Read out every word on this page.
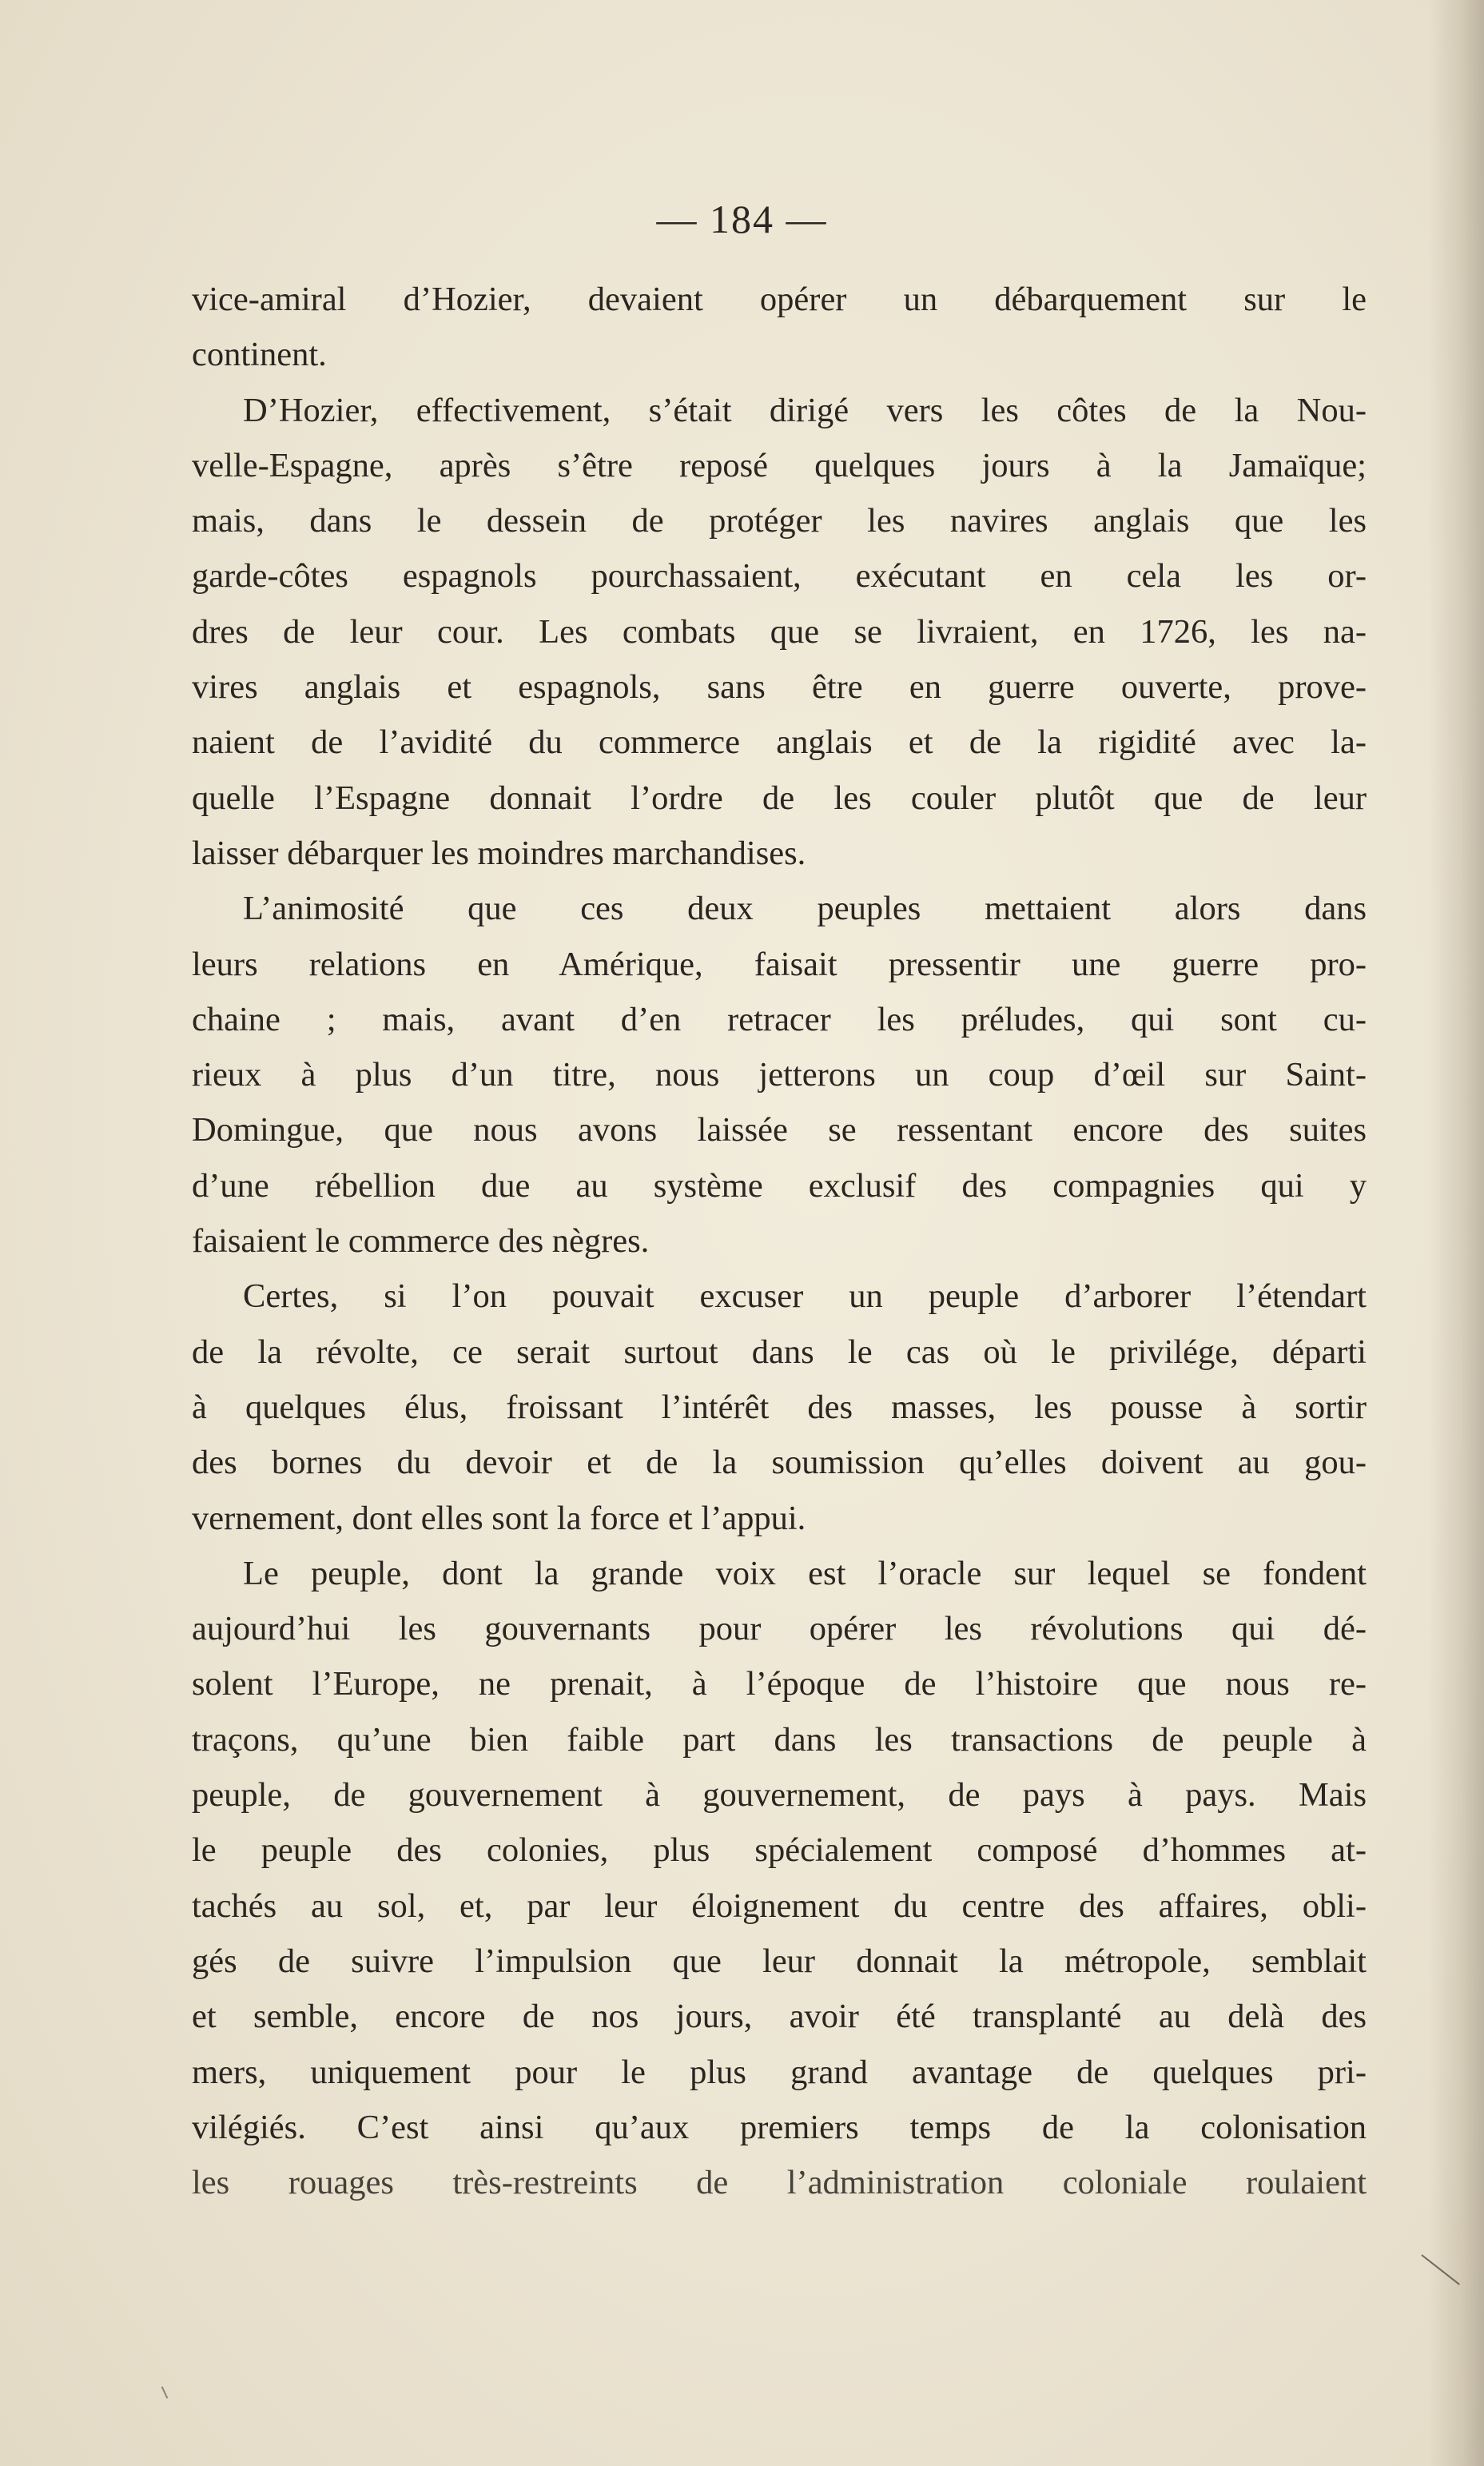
— 184 —
vice-amiral d’Hozier, devaient opérer un débarquement sur le
continent.
D’Hozier, effectivement, s’était dirigé vers les côtes de la Nou-
velle-Espagne, après s’être reposé quelques jours à la Jamaïque;
mais, dans le dessein de protéger les navires anglais que les
garde-côtes espagnols pourchassaient, exécutant en cela les or-
dres de leur cour. Les combats que se livraient, en 1726, les na-
vires anglais et espagnols, sans être en guerre ouverte, prove-
naient de l’avidité du commerce anglais et de la rigidité avec la-
quelle l’Espagne donnait l’ordre de les couler plutôt que de leur
laisser débarquer les moindres marchandises.
L’animosité que ces deux peuples mettaient alors dans
leurs relations en Amérique, faisait pressentir une guerre pro-
chaine ; mais, avant d’en retracer les préludes, qui sont cu-
rieux à plus d’un titre, nous jetterons un coup d’œil sur Saint-
Domingue, que nous avons laissée se ressentant encore des suites
d’une rébellion due au système exclusif des compagnies qui y
faisaient le commerce des nègres.
Certes, si l’on pouvait excuser un peuple d’arborer l’étendart
de la révolte, ce serait surtout dans le cas où le privilége, départi
à quelques élus, froissant l’intérêt des masses, les pousse à sortir
des bornes du devoir et de la soumission qu’elles doivent au gou-
vernement, dont elles sont la force et l’appui.
Le peuple, dont la grande voix est l’oracle sur lequel se fondent
aujourd’hui les gouvernants pour opérer les révolutions qui dé-
solent l’Europe, ne prenait, à l’époque de l’histoire que nous re-
traçons, qu’une bien faible part dans les transactions de peuple à
peuple, de gouvernement à gouvernement, de pays à pays. Mais
le peuple des colonies, plus spécialement composé d’hommes at-
tachés au sol, et, par leur éloignement du centre des affaires, obli-
gés de suivre l’impulsion que leur donnait la métropole, semblait
et semble, encore de nos jours, avoir été transplanté au delà des
mers, uniquement pour le plus grand avantage de quelques pri-
vilégiés. C’est ainsi qu’aux premiers temps de la colonisation
les rouages très-restreints de l’administration coloniale roulaient
